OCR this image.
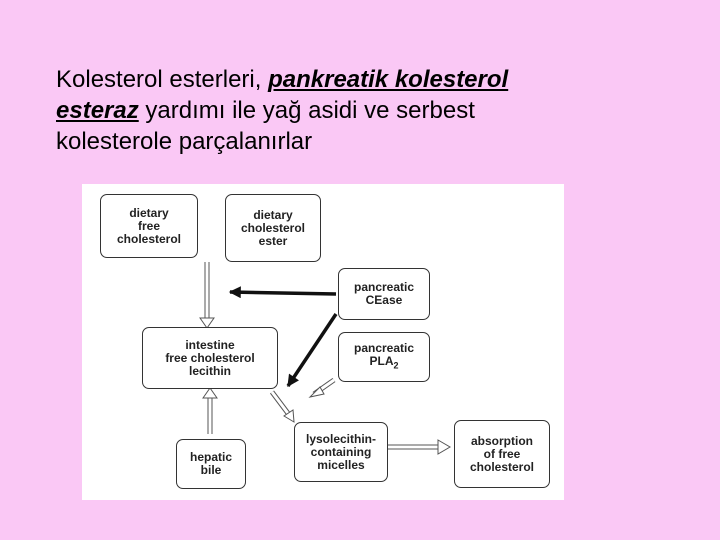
Kolesterol esterleri, pankreatik kolesterol
esteraz yardımı ile yağ asidi ve serbest
kolesterole parçalanırlar
dietary
free
cholesterol
dietary
cholesterol
ester
pancreatic
CEase
intestine
free cholesterol
lecithin
pancreatic
$PLA_2$
hepatic
bile
lysolecithin-
containing
micelles
absorption
of free
cholesterol
